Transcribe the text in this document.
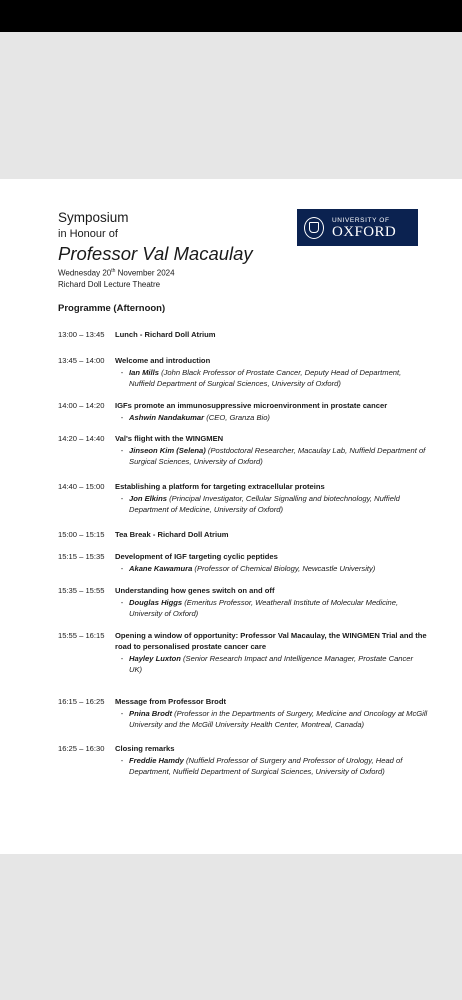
Symposium
in Honour of
Professor Val Macaulay
Wednesday 20th November 2024
Richard Doll Lecture Theatre
UNIVERSITY OF
OXFORD
Programme (Afternoon)
13:00 – 13:45	Lunch - Richard Doll Atrium
13:45 – 14:00	Welcome and introduction
- Ian Mills (John Black Professor of Prostate Cancer, Deputy Head of Department, Nuffield Department of Surgical Sciences, University of Oxford)
14:00 – 14:20	IGFs promote an immunosuppressive microenvironment in prostate cancer
- Ashwin Nandakumar (CEO, Granza Bio)
14:20 – 14:40	Val's flight with the WINGMEN
- Jinseon Kim (Selena) (Postdoctoral Researcher, Macaulay Lab, Nuffield Department of Surgical Sciences, University of Oxford)
14:40 – 15:00	Establishing a platform for targeting extracellular proteins
- Jon Elkins (Principal Investigator, Cellular Signalling and biotechnology, Nuffield Department of Medicine, University of Oxford)
15:00 – 15:15	Tea Break - Richard Doll Atrium
15:15 – 15:35	Development of IGF targeting cyclic peptides
- Akane Kawamura (Professor of Chemical Biology, Newcastle University)
15:35 – 15:55	Understanding how genes switch on and off
- Douglas Higgs (Emeritus Professor, Weatherall Institute of Molecular Medicine, University of Oxford)
15:55 – 16:15	Opening a window of opportunity: Professor Val Macaulay, the WINGMEN Trial and the road to personalised prostate cancer care
- Hayley Luxton (Senior Research Impact and Intelligence Manager, Prostate Cancer UK)
16:15 – 16:25	Message from Professor Brodt
- Pnina Brodt (Professor in the Departments of Surgery, Medicine and Oncology at McGill University and the McGill University Health Center, Montreal, Canada)
16:25 – 16:30	Closing remarks
- Freddie Hamdy (Nuffield Professor of Surgery and Professor of Urology, Head of Department, Nuffield Department of Surgical Sciences, University of Oxford)
